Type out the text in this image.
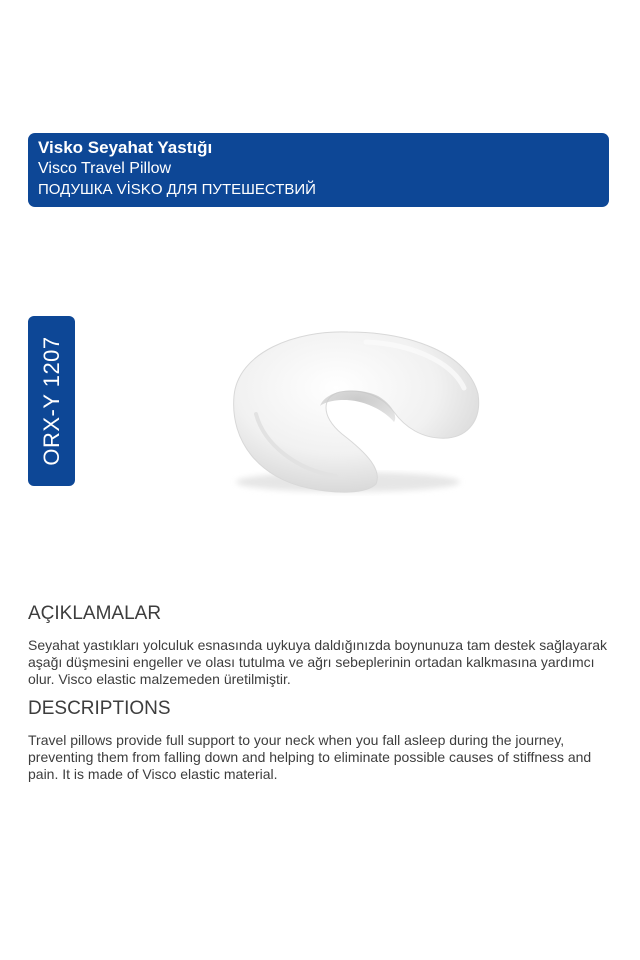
Visko Seyahat Yastığı
Visco Travel Pillow
ПОДУШКА VİSKO ДЛЯ ПУТЕШЕСТВИЙ
ORX-Y 1207
AÇIKLAMALAR

Seyahat yastıkları yolculuk esnasında uykuya daldığınızda boynunuza tam destek sağlayarak aşağı düşmesini engeller ve olası tutulma ve ağrı sebeplerinin ortadan kalkmasına yardımcı olur. Visco elastic malzemeden üretilmiştir.

DESCRIPTIONS

Travel pillows provide full support to your neck when you fall asleep during the journey, preventing them from falling down and helping to eliminate possible causes of stiffness and pain. It is made of Visco elastic material.
